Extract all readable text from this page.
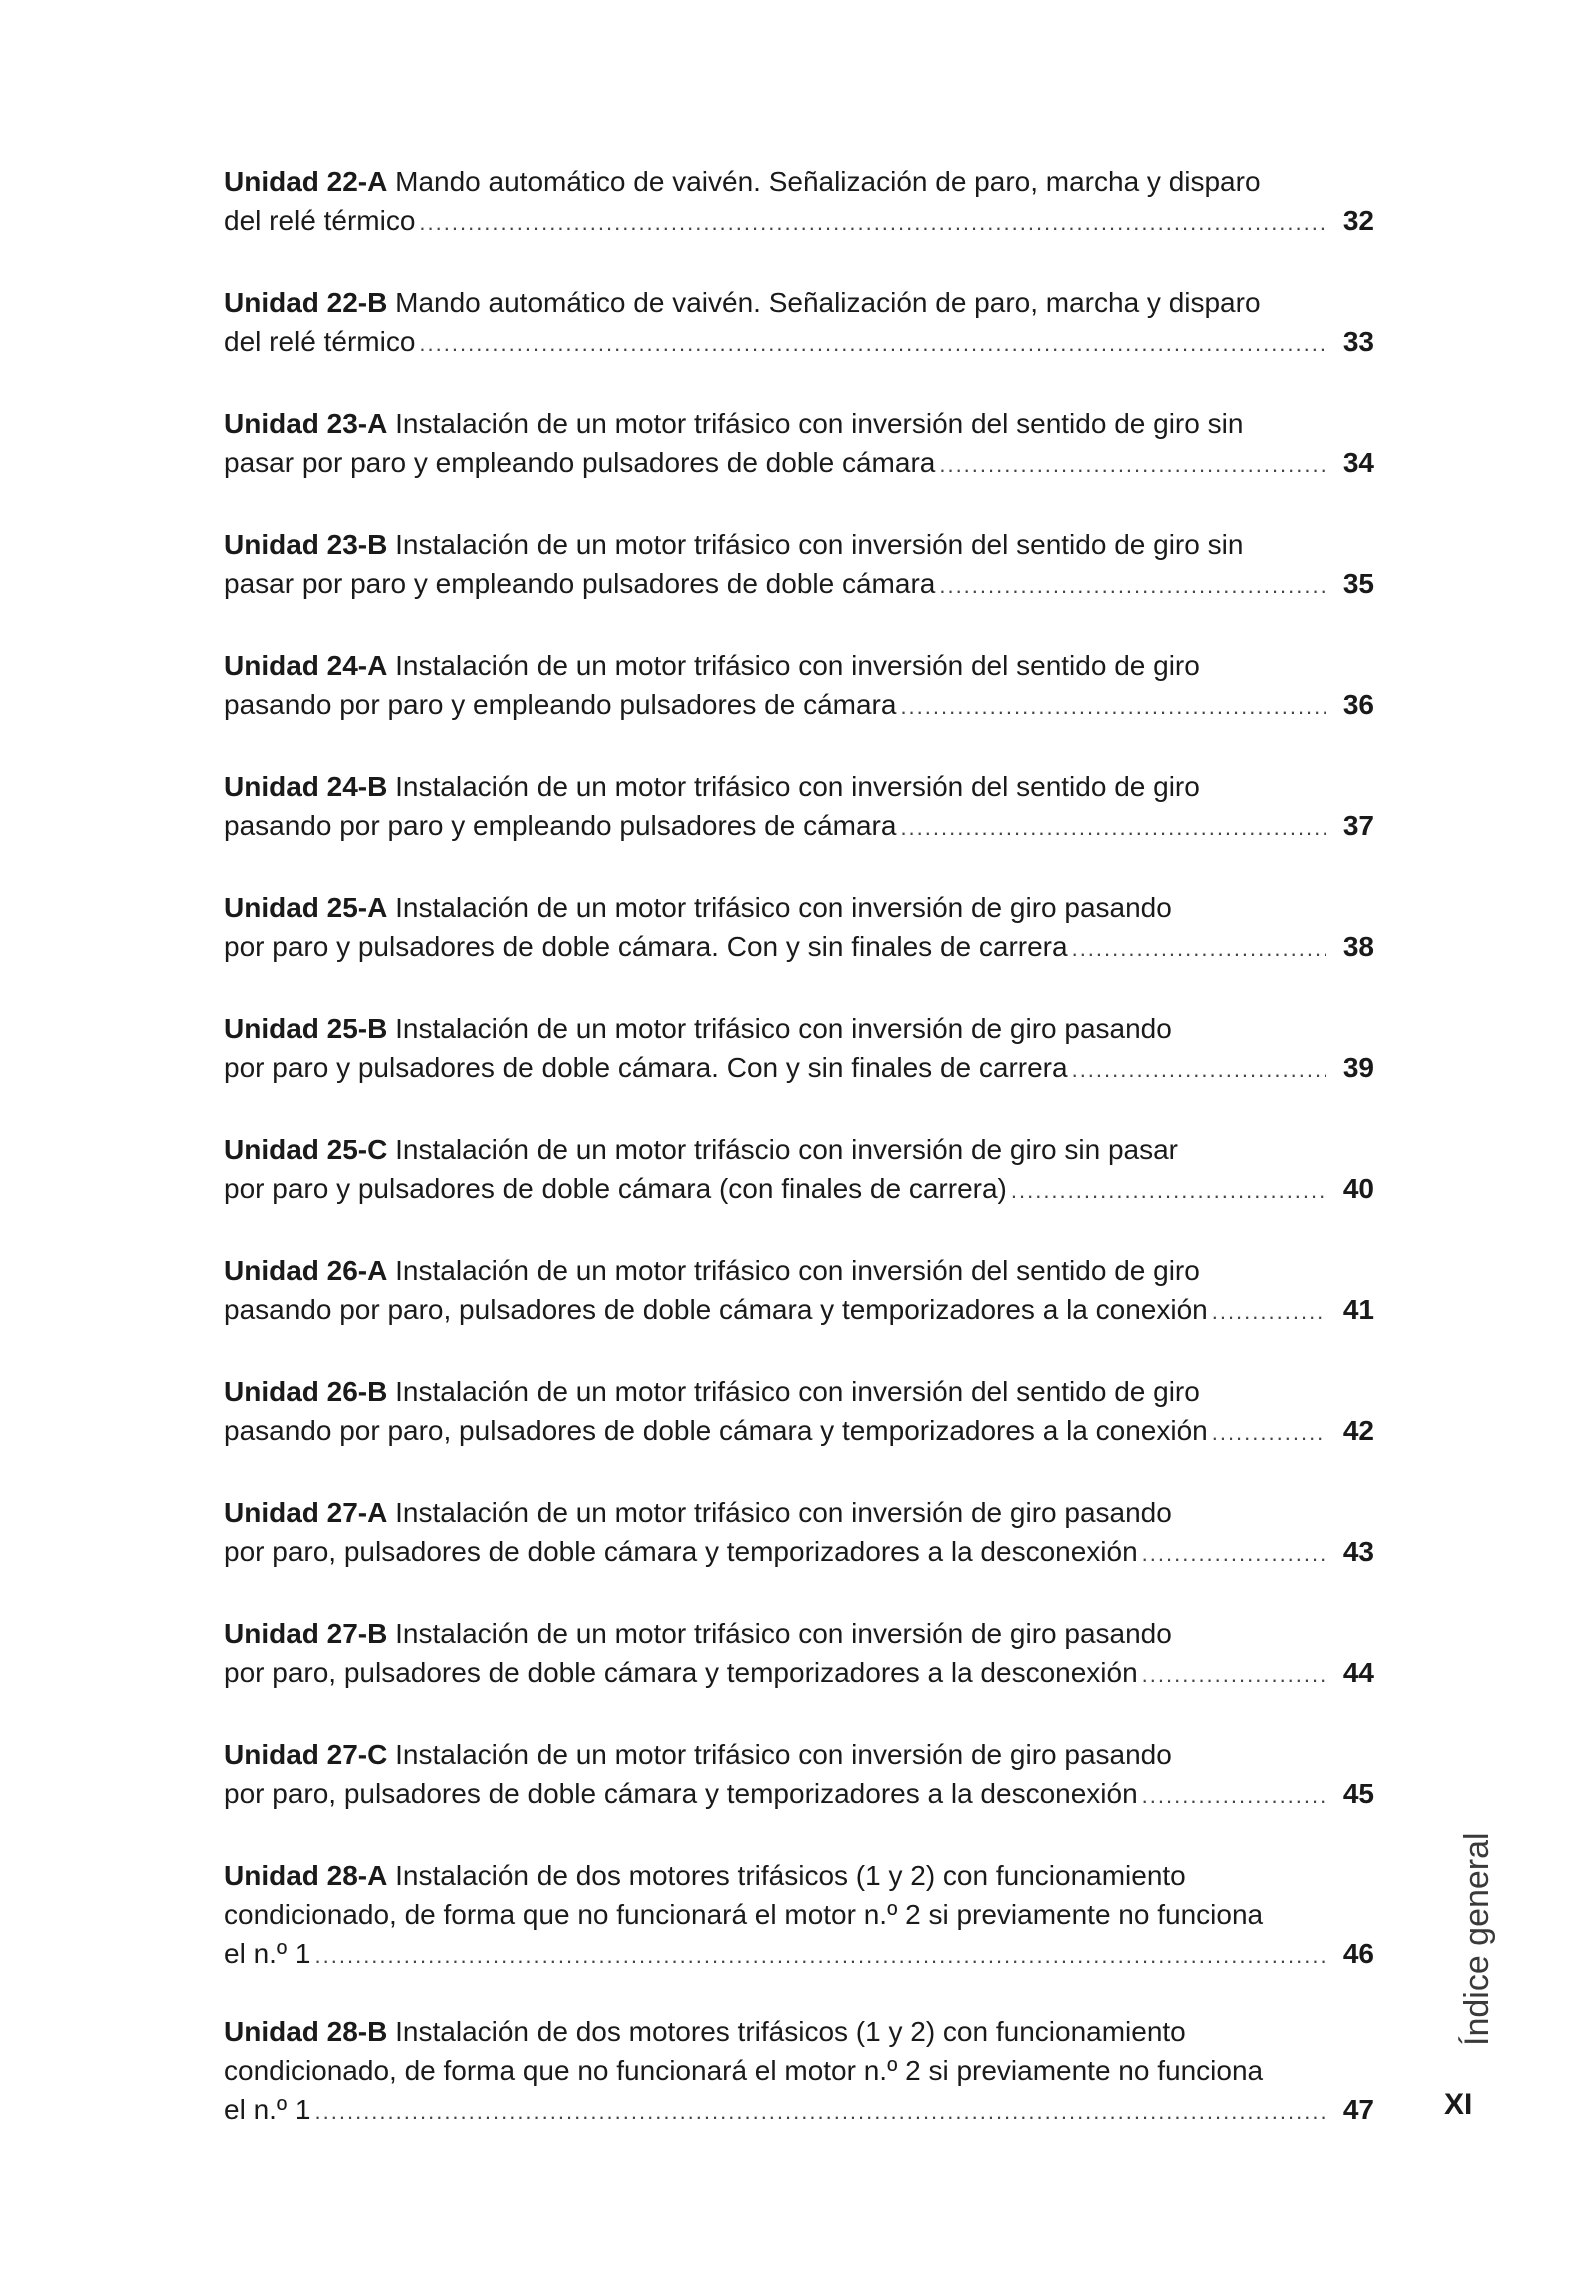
Unidad 22-A Mando automático de vaivén. Señalización de paro, marcha y disparo
del relé térmico .....	32
Unidad 22-B Mando automático de vaivén. Señalización de paro, marcha y disparo
del relé térmico .....	33
Unidad 23-A Instalación de un motor trifásico con inversión del sentido de giro sin
pasar por paro y empleando pulsadores de doble cámara .....	34
Unidad 23-B Instalación de un motor trifásico con inversión del sentido de giro sin
pasar por paro y empleando pulsadores de doble cámara .....	35
Unidad 24-A Instalación de un motor trifásico con inversión del sentido de giro
pasando por paro y empleando pulsadores de cámara .....	36
Unidad 24-B Instalación de un motor trifásico con inversión del sentido de giro
pasando por paro y empleando pulsadores de cámara .....	37
Unidad 25-A Instalación de un motor trifásico con inversión de giro pasando
por paro y pulsadores de doble cámara. Con y sin finales de carrera .....	38
Unidad 25-B Instalación de un motor trifásico con inversión de giro pasando
por paro y pulsadores de doble cámara. Con y sin finales de carrera .....	39
Unidad 25-C Instalación de un motor trifáscio con inversión de giro sin pasar
por paro y pulsadores de doble cámara (con finales de carrera) .....	40
Unidad 26-A Instalación de un motor trifásico con inversión del sentido de giro
pasando por paro, pulsadores de doble cámara y temporizadores a la conexión .....	41
Unidad 26-B Instalación de un motor trifásico con inversión del sentido de giro
pasando por paro, pulsadores de doble cámara y temporizadores a la conexión .....	42
Unidad 27-A Instalación de un motor trifásico con inversión de giro pasando
por paro, pulsadores de doble cámara y temporizadores a la desconexión .....	43
Unidad 27-B Instalación de un motor trifásico con inversión de giro pasando
por paro, pulsadores de doble cámara y temporizadores a la desconexión .....	44
Unidad 27-C Instalación de un motor trifásico con inversión de giro pasando
por paro, pulsadores de doble cámara y temporizadores a la desconexión .....	45
Unidad 28-A Instalación de dos motores trifásicos (1 y 2) con funcionamiento
condicionado, de forma que no funcionará el motor n.º 2 si previamente no funciona
el n.º 1 .....	46
Unidad 28-B Instalación de dos motores trifásicos (1 y 2) con funcionamiento
condicionado, de forma que no funcionará el motor n.º 2 si previamente no funciona
el n.º 1 .....	47
Índice general
XI
